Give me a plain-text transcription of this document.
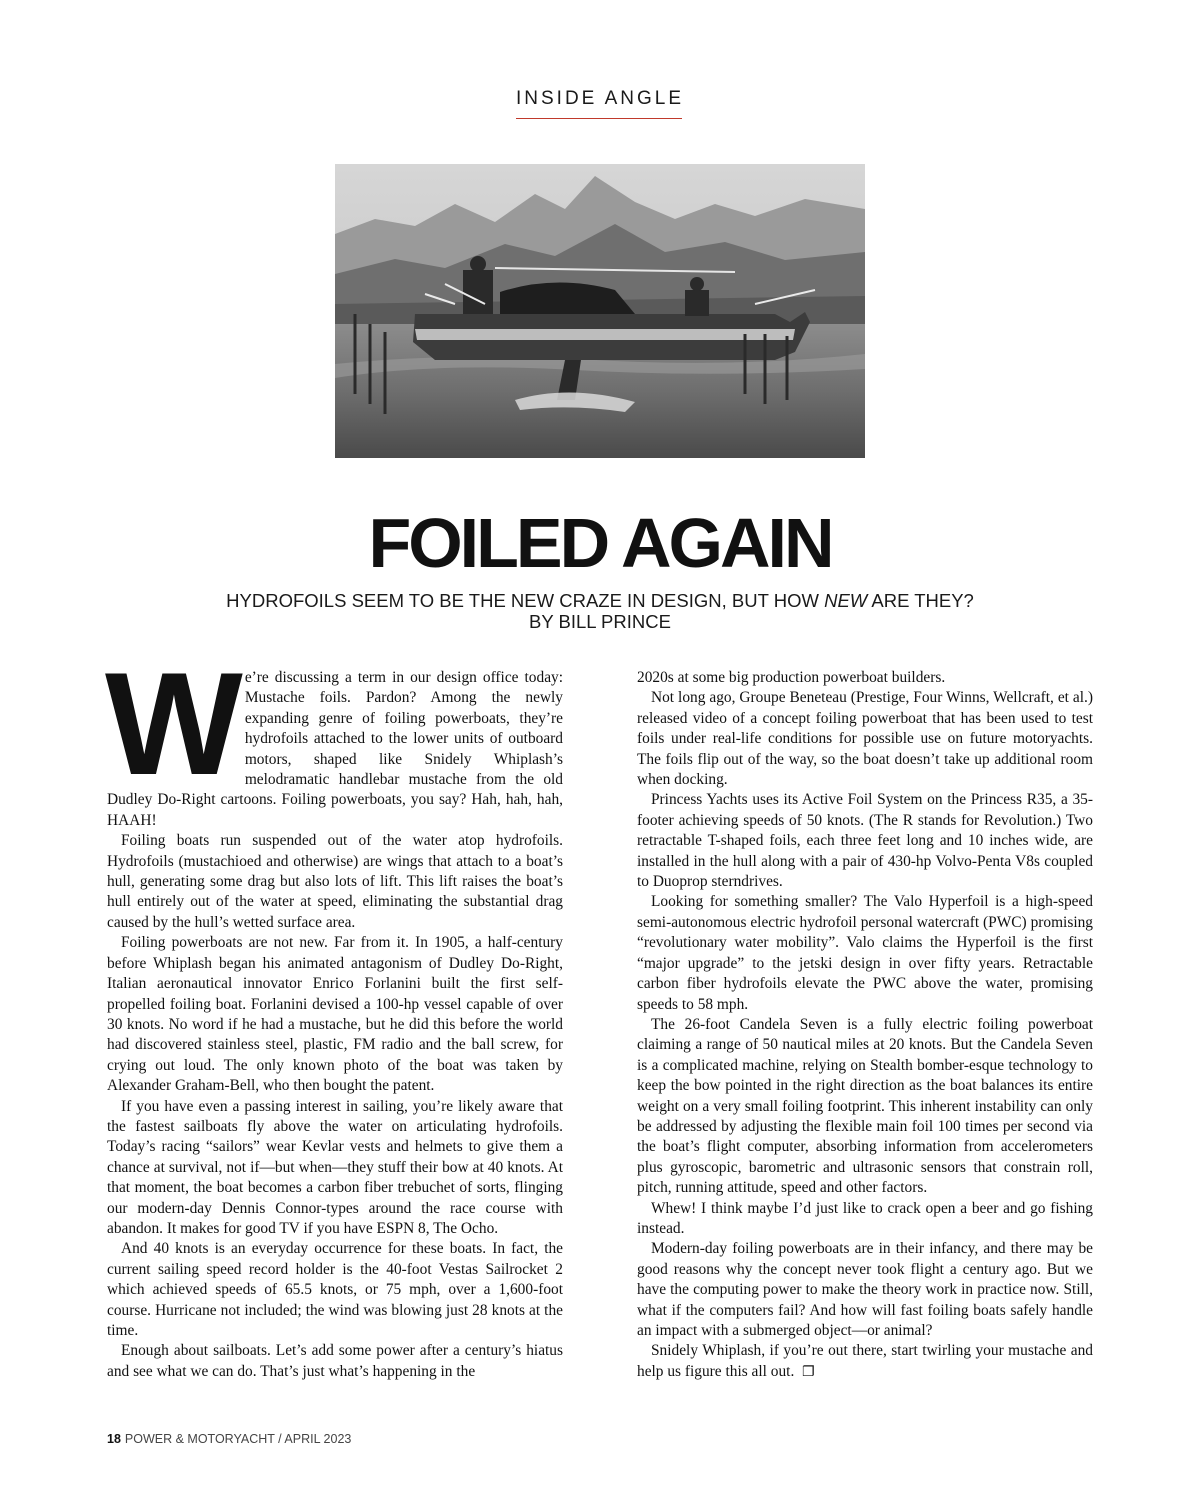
INSIDE ANGLE
FOILED AGAIN
HYDROFOILS SEEM TO BE THE NEW CRAZE IN DESIGN, BUT HOW NEW ARE THEY?
BY BILL PRINCE

We’re discussing a term in our design office today: Mustache foils. Pardon? Among the newly expanding genre of foiling powerboats, they’re hydrofoils attached to the lower units of outboard motors, shaped like Snidely Whiplash’s melodramatic handlebar mustache from the old Dudley Do-Right cartoons. Foiling powerboats, you say? Hah, hah, hah, HAAH!

Foiling boats run suspended out of the water atop hydrofoils. Hydrofoils (mustachioed and otherwise) are wings that attach to a boat’s hull, generating some drag but also lots of lift. This lift raises the boat’s hull entirely out of the water at speed, eliminating the substantial drag caused by the hull’s wetted surface area.

Foiling powerboats are not new. Far from it. In 1905, a half-century before Whiplash began his animated antagonism of Dudley Do-Right, Italian aeronautical innovator Enrico Forlanini built the first self-propelled foiling boat. Forlanini devised a 100-hp vessel capable of over 30 knots. No word if he had a mustache, but he did this before the world had discovered stainless steel, plastic, FM radio and the ball screw, for crying out loud. The only known photo of the boat was taken by Alexander Graham-Bell, who then bought the patent.

If you have even a passing interest in sailing, you’re likely aware that the fastest sailboats fly above the water on articulating hydrofoils. Today’s racing “sailors” wear Kevlar vests and helmets to give them a chance at survival, not if—but when—they stuff their bow at 40 knots. At that moment, the boat becomes a carbon fiber trebuchet of sorts, flinging our modern-day Dennis Connor-types around the race course with abandon. It makes for good TV if you have ESPN 8, The Ocho.

And 40 knots is an everyday occurrence for these boats. In fact, the current sailing speed record holder is the 40-foot Vestas Sailrocket 2 which achieved speeds of 65.5 knots, or 75 mph, over a 1,600-foot course. Hurricane not included; the wind was blowing just 28 knots at the time.

Enough about sailboats. Let’s add some power after a century’s hiatus and see what we can do. That’s just what’s happening in the

2020s at some big production powerboat builders.

Not long ago, Groupe Beneteau (Prestige, Four Winns, Wellcraft, et al.) released video of a concept foiling powerboat that has been used to test foils under real-life conditions for possible use on future motoryachts. The foils flip out of the way, so the boat doesn’t take up additional room when docking.

Princess Yachts uses its Active Foil System on the Princess R35, a 35-footer achieving speeds of 50 knots. (The R stands for Revolution.) Two retractable T-shaped foils, each three feet long and 10 inches wide, are installed in the hull along with a pair of 430-hp Volvo-Penta V8s coupled to Duoprop sterndrives.

Looking for something smaller? The Valo Hyperfoil is a high-speed semi-autonomous electric hydrofoil personal watercraft (PWC) promising “revolutionary water mobility”. Valo claims the Hyperfoil is the first “major upgrade” to the jetski design in over fifty years. Retractable carbon fiber hydrofoils elevate the PWC above the water, promising speeds to 58 mph.

The 26-foot Candela Seven is a fully electric foiling powerboat claiming a range of 50 nautical miles at 20 knots. But the Candela Seven is a complicated machine, relying on Stealth bomber-esque technology to keep the bow pointed in the right direction as the boat balances its entire weight on a very small foiling footprint. This inherent instability can only be addressed by adjusting the flexible main foil 100 times per second via the boat’s flight computer, absorbing information from accelerometers plus gyroscopic, barometric and ultrasonic sensors that constrain roll, pitch, running attitude, speed and other factors.

Whew! I think maybe I’d just like to crack open a beer and go fishing instead.

Modern-day foiling powerboats are in their infancy, and there may be good reasons why the concept never took flight a century ago. But we have the computing power to make the theory work in practice now. Still, what if the computers fail? And how will fast foiling boats safely handle an impact with a submerged object—or animal?

Snidely Whiplash, if you’re out there, start twirling your mustache and help us figure this all out. ❐

18 POWER & MOTORYACHT / APRIL 2023
